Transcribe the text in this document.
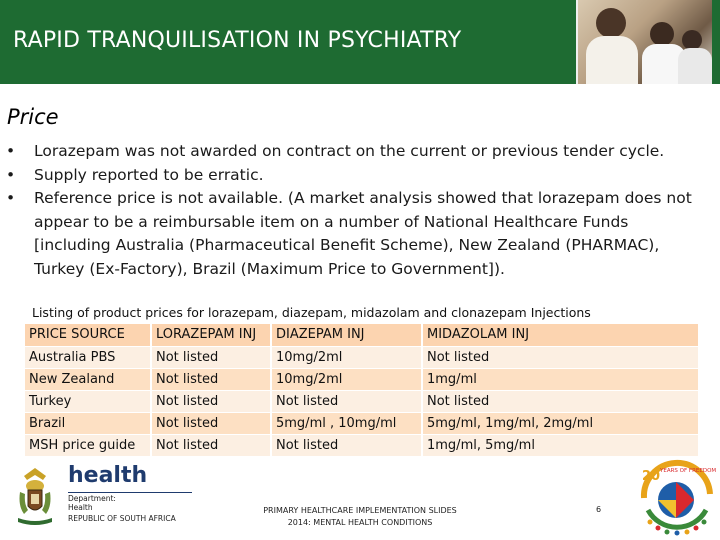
RAPID TRANQUILISATION IN PSYCHIATRY
Price
• Lorazepam was not awarded on contract on the current or previous tender cycle.
• Supply reported to be erratic.
• Reference price is not available. (A market analysis showed that lorazepam does not appear to be a reimbursable item on a number of National Healthcare Funds [including Australia (Pharmaceutical Benefit Scheme), New Zealand (PHARMAC), Turkey (Ex-Factory), Brazil (Maximum Price to Government]).
Listing of product prices for lorazepam, diazepam, midazolam and clonazepam Injections
PRICE SOURCE	LORAZEPAM INJ	DIAZEPAM INJ	MIDAZOLAM INJ
Australia PBS	Not listed	10mg/2ml	Not listed
New Zealand	Not listed	10mg/2ml	1mg/ml
Turkey	Not listed	Not listed	Not listed
Brazil	Not listed	5mg/ml , 10mg/ml	5mg/ml, 1mg/ml, 2mg/ml
MSH price guide	Not listed	Not listed	1mg/ml, 5mg/ml
health
Department:
Health
REPUBLIC OF SOUTH AFRICA
PRIMARY HEALTHCARE IMPLEMENTATION SLIDES
2014: MENTAL HEALTH CONDITIONS
6
20 YEARS OF FREEDOM
